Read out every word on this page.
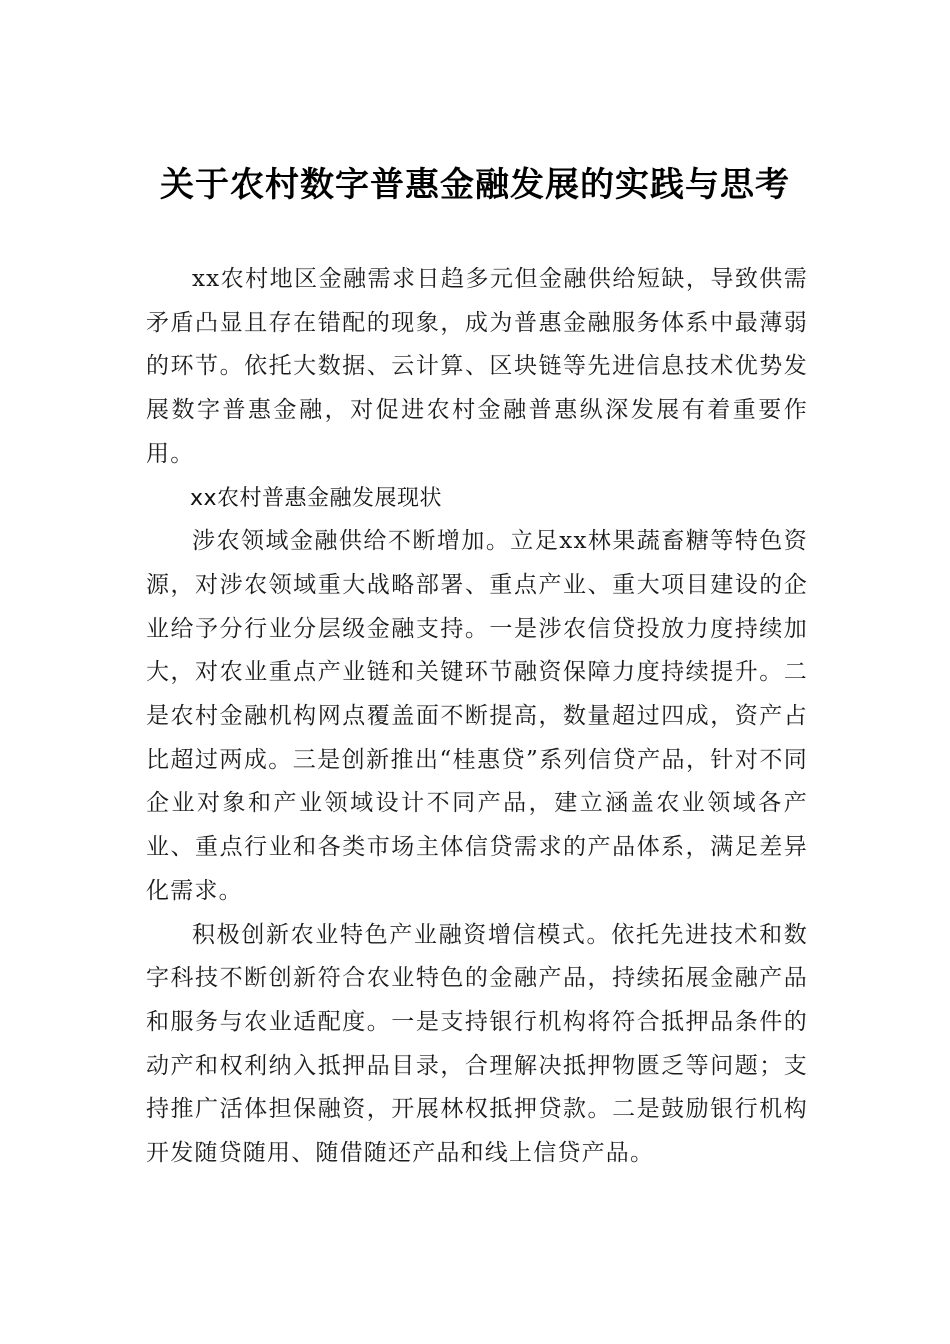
关于农村数字普惠金融发展的实践与思考

xx农村地区金融需求日趋多元但金融供给短缺，导致供需矛盾凸显且存在错配的现象，成为普惠金融服务体系中最薄弱的环节。依托大数据、云计算、区块链等先进信息技术优势发展数字普惠金融，对促进农村金融普惠纵深发展有着重要作用。

xx农村普惠金融发展现状

涉农领域金融供给不断增加。立足xx林果蔬畜糖等特色资源，对涉农领域重大战略部署、重点产业、重大项目建设的企业给予分行业分层级金融支持。一是涉农信贷投放力度持续加大，对农业重点产业链和关键环节融资保障力度持续提升。二是农村金融机构网点覆盖面不断提高，数量超过四成，资产占比超过两成。三是创新推出“桂惠贷”系列信贷产品，针对不同企业对象和产业领域设计不同产品，建立涵盖农业领域各产业、重点行业和各类市场主体信贷需求的产品体系，满足差异化需求。

积极创新农业特色产业融资增信模式。依托先进技术和数字科技不断创新符合农业特色的金融产品，持续拓展金融产品和服务与农业适配度。一是支持银行机构将符合抵押品条件的动产和权利纳入抵押品目录，合理解决抵押物匮乏等问题；支持推广活体担保融资，开展林权抵押贷款。二是鼓励银行机构开发随贷随用、随借随还产品和线上信贷产品。
